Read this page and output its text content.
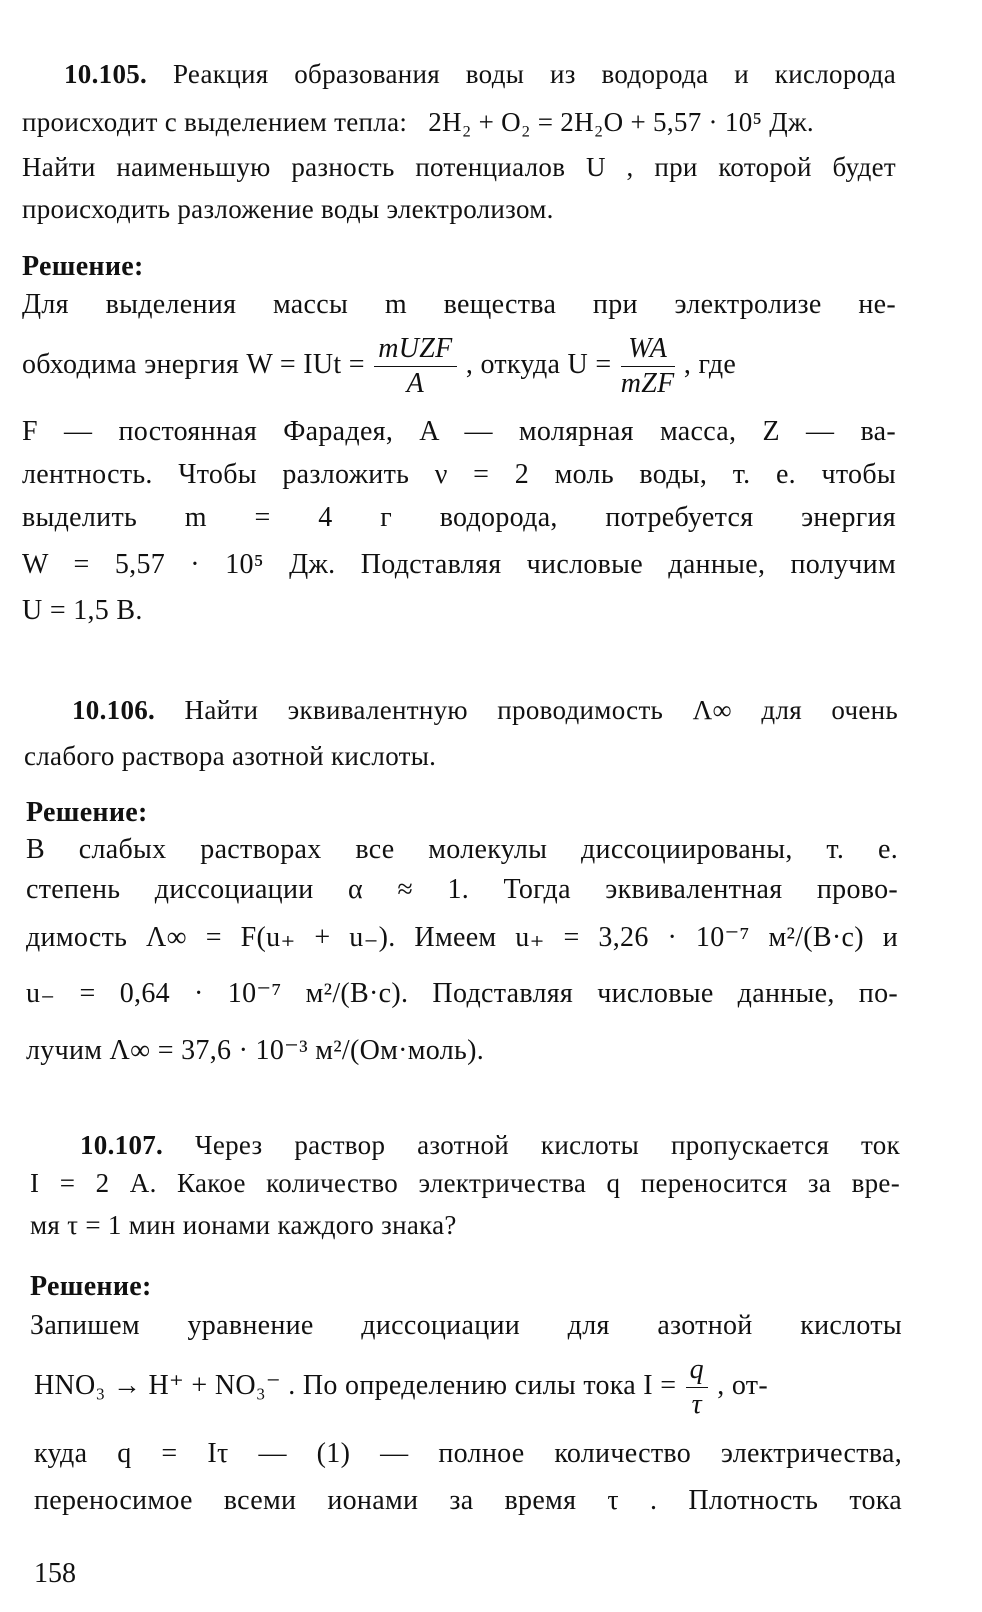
10.105. Реакция образования воды из водорода и кислорода
происходит с выделением тепла: 2H₂ + O₂ = 2H₂O + 5,57 · 10⁵ Дж.
Найти наименьшую разность потенциалов U , при которой будет
происходить разложение воды электролизом.
Решение:
Для выделения массы m вещества при электролизе не-
обходима энергия W = IUt = $\frac{\text{mUZF}}{A}$ , откуда $U = \frac{WA}{\text{mZF}}$ , где
F — постоянная Фарадея, A — молярная масса, Z — ва-
лентность. Чтобы разложить ν = 2 моль воды, т. е. чтобы
выделить m = 4 г водорода, потребуется энергия
W = 5,57 · 10⁵ Дж. Подставляя числовые данные, получим
U = 1,5 В.
10.106. Найти эквивалентную проводимость Λ∞ для очень
слабого раствора азотной кислоты.
Решение:
В слабых растворах все молекулы диссоциированы, т. е.
степень диссоциации α ≈ 1. Тогда эквивалентная прово-
димость Λ∞ = F(u₊ + u₋). Имеем u₊ = 3,26 · 10⁻⁷ м²/(В·с) и
u₋ = 0,64 · 10⁻⁷ м²/(В·с). Подставляя числовые данные, по-
лучим Λ∞ = 37,6 · 10⁻³ м²/(Ом·моль).
10.107. Через раствор азотной кислоты пропускается ток
I = 2 А. Какое количество электричества q переносится за вре-
мя τ = 1 мин ионами каждого знака?
Решение:
Запишем уравнение диссоциации для азотной кислоты
HNO₃ → H⁺ + NO₃⁻ . По определению силы тока $I = \frac{q}{\tau}$ , от-
куда q = Iτ — (1) — полное количество электричества,
переносимое всеми ионами за время τ . Плотность тока
158
